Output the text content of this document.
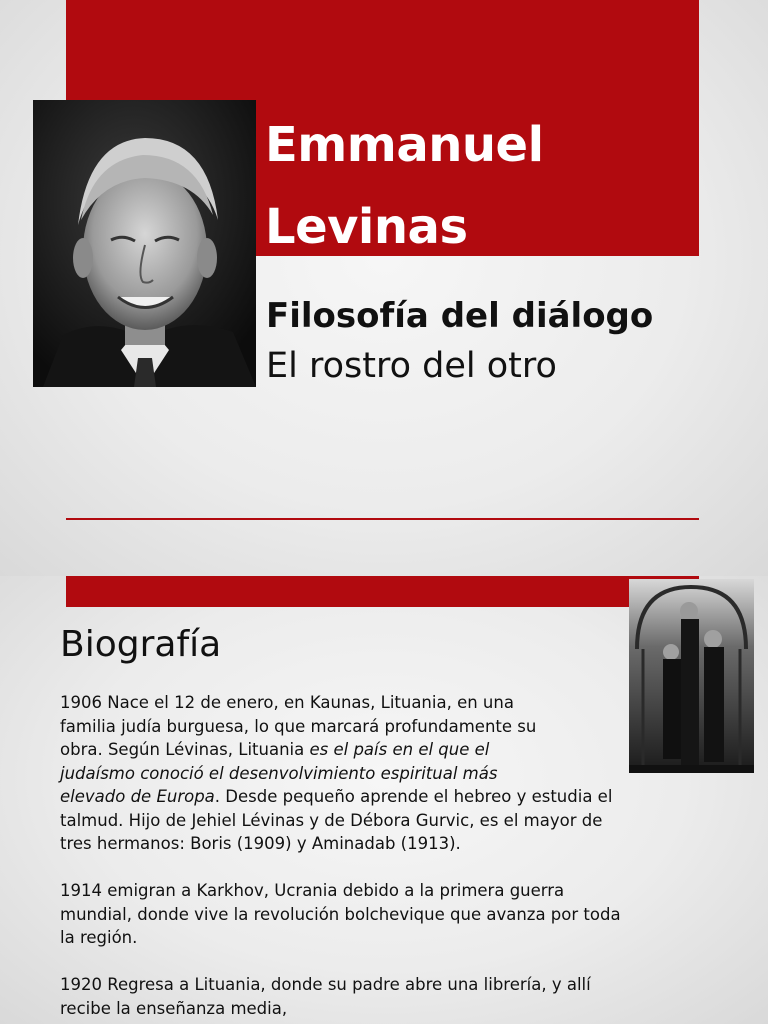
Emmanuel
Levinas
Filosofía del diálogo
El rostro del otro
Biografía

1906 Nace el 12 de enero, en Kaunas, Lituania, en una
familia judía burguesa, lo que marcará profundamente su
obra. Según Lévinas, Lituania es el país en el que el
judaísmo conoció el desenvolvimiento espiritual más
elevado de Europa. Desde pequeño aprende el hebreo y estudia el
talmud. Hijo de Jehiel Lévinas y de Débora Gurvic, es el mayor de
tres hermanos: Boris (1909) y Aminadab (1913).

1914 emigran a Karkhov, Ucrania debido a la primera guerra
mundial, donde vive la revolución bolchevique que avanza por toda
la región.

1920 Regresa a Lituania, donde su padre abre una librería, y allí
recibe la enseñanza media,
